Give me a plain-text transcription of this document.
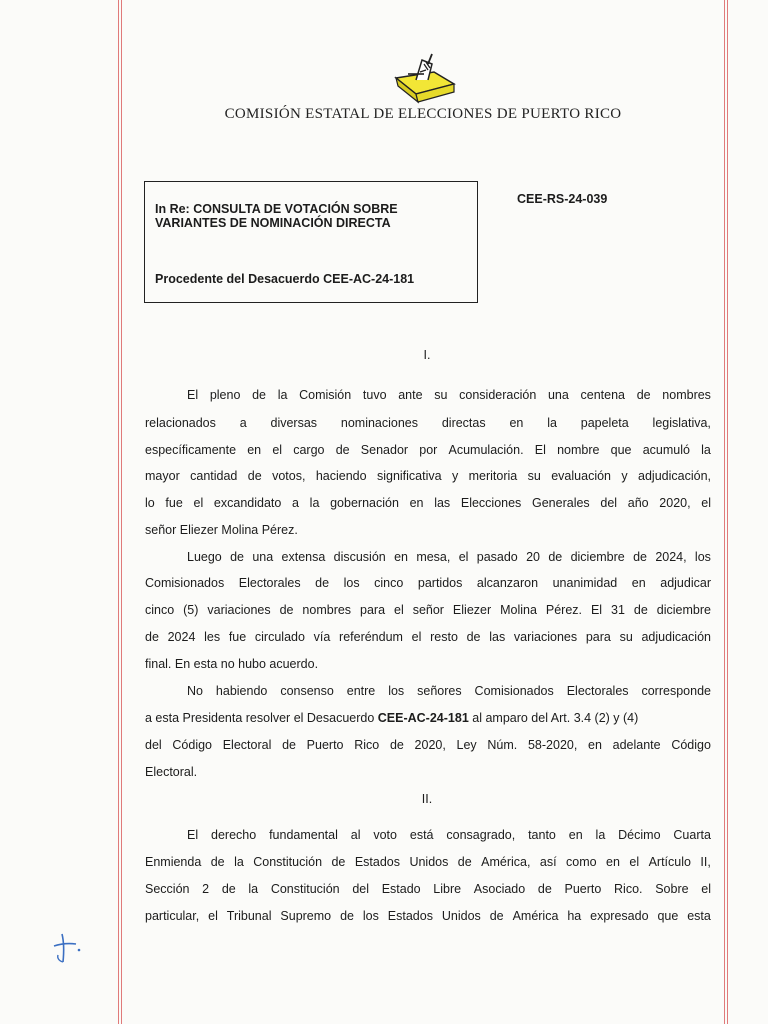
COMISIÓN ESTATAL DE ELECCIONES DE PUERTO RICO
In Re: CONSULTA DE VOTACIÓN SOBRE
VARIANTES DE NOMINACIÓN DIRECTA
Procedente del Desacuerdo CEE-AC-24-181
CEE-RS-24-039
I.
El pleno de la Comisión tuvo ante su consideración una centena de nombres
relacionados a diversas nominaciones directas en la papeleta legislativa,
específicamente en el cargo de Senador por Acumulación. El nombre que acumuló la
mayor cantidad de votos, haciendo significativa y meritoria su evaluación y adjudicación,
lo fue el excandidato a la gobernación en las Elecciones Generales del año 2020, el
señor Eliezer Molina Pérez.
Luego de una extensa discusión en mesa, el pasado 20 de diciembre de 2024, los
Comisionados Electorales de los cinco partidos alcanzaron unanimidad en adjudicar
cinco (5) variaciones de nombres para el señor Eliezer Molina Pérez. El 31 de diciembre
de 2024 les fue circulado vía referéndum el resto de las variaciones para su adjudicación
final. En esta no hubo acuerdo.
No habiendo consenso entre los señores Comisionados Electorales corresponde
a esta Presidenta resolver el Desacuerdo CEE-AC-24-181 al amparo del Art. 3.4 (2) y (4)
del Código Electoral de Puerto Rico de 2020, Ley Núm. 58-2020, en adelante Código
Electoral.
II.
El derecho fundamental al voto está consagrado, tanto en la Décimo Cuarta
Enmienda de la Constitución de Estados Unidos de América, así como en el Artículo II,
Sección 2 de la Constitución del Estado Libre Asociado de Puerto Rico. Sobre el
particular, el Tribunal Supremo de los Estados Unidos de América ha expresado que esta
